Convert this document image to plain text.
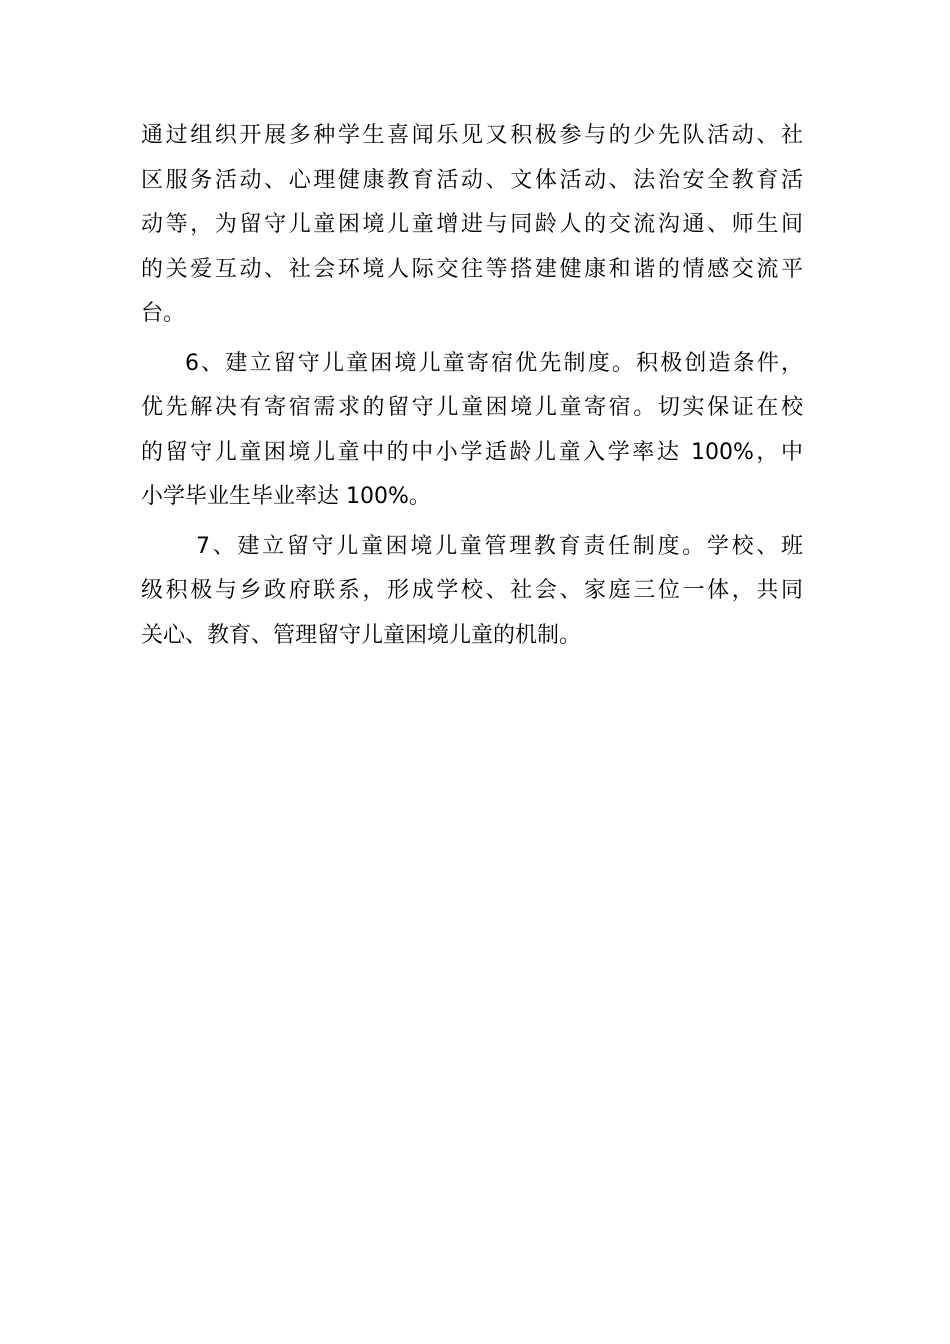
通过组织开展多种学生喜闻乐见又积极参与的少先队活动、社
区服务活动、心理健康教育活动、文体活动、法治安全教育活
动等，为留守儿童困境儿童增进与同龄人的交流沟通、师生间
的关爱互动、社会环境人际交往等搭建健康和谐的情感交流平
台。
6、建立留守儿童困境儿童寄宿优先制度。积极创造条件，
优先解决有寄宿需求的留守儿童困境儿童寄宿。切实保证在校
的留守儿童困境儿童中的中小学适龄儿童入学率达 100%，中
小学毕业生毕业率达 100%。
7、建立留守儿童困境儿童管理教育责任制度。学校、班
级积极与乡政府联系，形成学校、社会、家庭三位一体，共同
关心、教育、管理留守儿童困境儿童的机制。
